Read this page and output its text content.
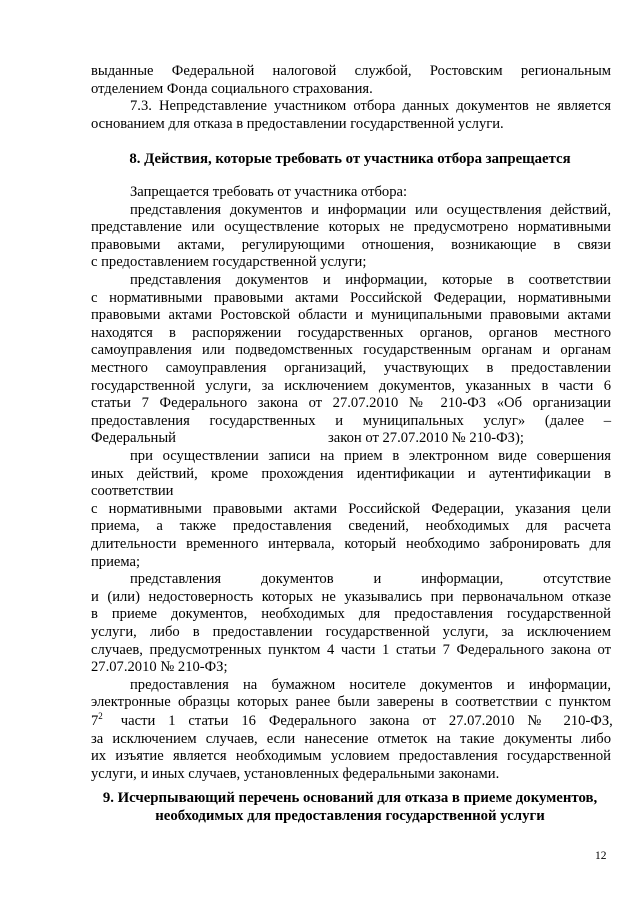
выданные Федеральной налоговой службой, Ростовским региональным
отделением Фонда социального страхования.
7.3. Непредставление участником отбора данных документов не является
основанием для отказа в предоставлении государственной услуги.
8. Действия, которые требовать от участника отбора запрещается
Запрещается требовать от участника отбора:
представления документов и информации или осуществления действий,
представление или осуществление которых не предусмотрено нормативными
правовыми актами, регулирующими отношения, возникающие в связи
с предоставлением государственной услуги;
представления документов и информации, которые в соответствии
с нормативными правовыми актами Российской Федерации, нормативными
правовыми актами Ростовской области и муниципальными правовыми актами
находятся в распоряжении государственных органов, органов местного
самоуправления или подведомственных государственным органам и органам
местного самоуправления организаций, участвующих в предоставлении
государственной услуги, за исключением документов, указанных в части 6
статьи 7 Федерального закона от 27.07.2010 № 210-ФЗ «Об организации
предоставления государственных и муниципальных услуг» (далее –
Федеральный	закон от 27.07.2010 № 210-ФЗ);
при осуществлении записи на прием в электронном виде совершения
иных действий, кроме прохождения идентификации и аутентификации в
соответствии
с нормативными правовыми актами Российской Федерации, указания цели
приема, а также предоставления сведений, необходимых для расчета
длительности временного интервала, который необходимо забронировать для
приема;
представления документов и информации, отсутствие
и (или) недостоверность которых не указывались при первоначальном отказе
в приеме документов, необходимых для предоставления государственной
услуги, либо в предоставлении государственной услуги, за исключением
случаев, предусмотренных пунктом 4 части 1 статьи 7 Федерального закона от
27.07.2010 № 210-ФЗ;
предоставления на бумажном носителе документов и информации,
электронные образцы которых ранее были заверены в соответствии с пунктом
$7^2$ части 1 статьи 16 Федерального закона от 27.07.2010 № 210-ФЗ,
за исключением случаев, если нанесение отметок на такие документы либо
их изъятие является необходимым условием предоставления государственной
услуги, и иных случаев, установленных федеральными законами.
9. Исчерпывающий перечень оснований для отказа в приеме документов,
необходимых для предоставления государственной услуги
12
